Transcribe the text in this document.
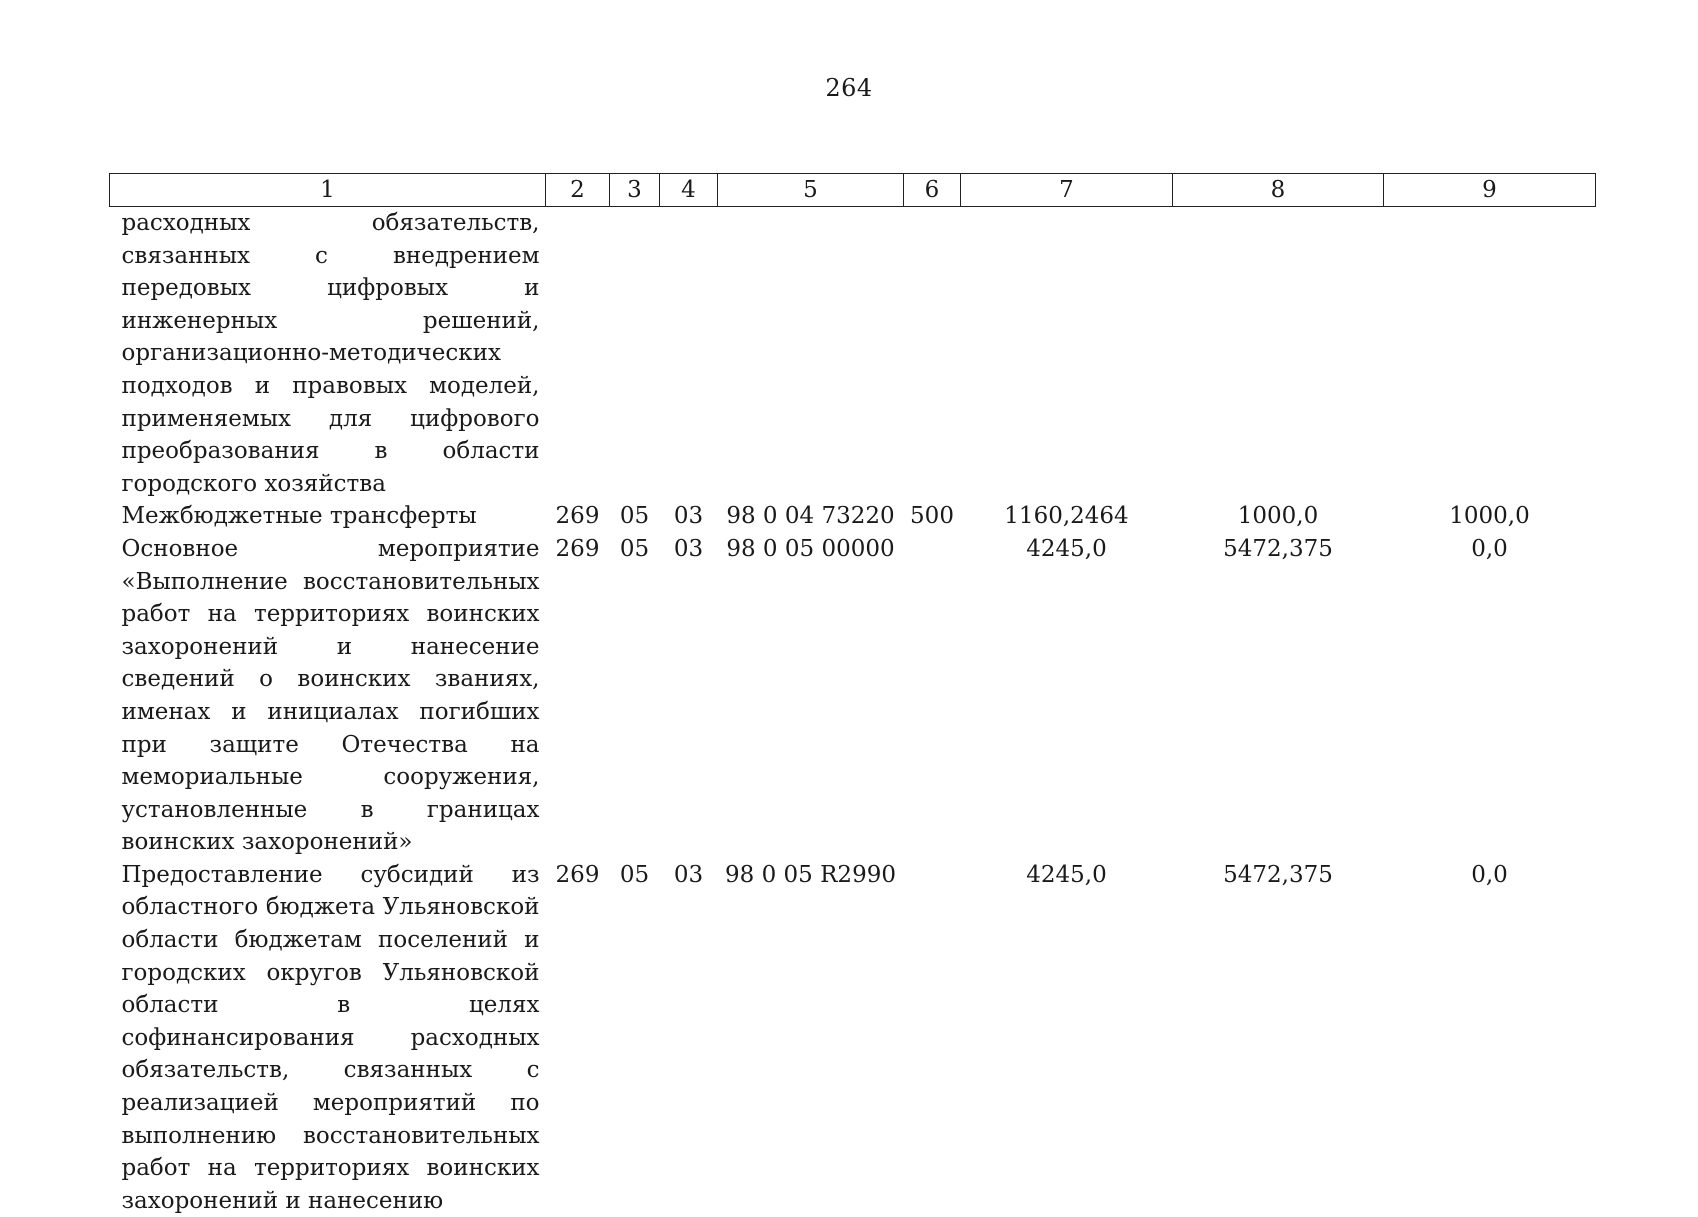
264
1	2	3	4	5	6	7	8	9
расходных обязательств, связанных с внедрением передовых цифровых и инженерных решений, организационно-методических подходов и правовых моделей, применяемых для цифрового преобразования в области городского хозяйства								
Межбюджетные трансферты	269	05	03	98 0 04 73220	500	1160,2464	1000,0	1000,0
Основное мероприятие «Выполнение восстановительных работ на территориях воинских захоронений и нанесение сведений о воинских званиях, именах и инициалах погибших при защите Отечества на мемориальные сооружения, установленные в границах воинских захоронений»	269	05	03	98 0 05 00000		4245,0	5472,375	0,0
Предоставление субсидий из областного бюджета Ульяновской области бюджетам поселений и городских округов Ульяновской области в целях софинансирования расходных обязательств, связанных с реализацией мероприятий по выполнению восстановительных работ на территориях воинских захоронений и нанесению	269	05	03	98 0 05 R2990		4245,0	5472,375	0,0
